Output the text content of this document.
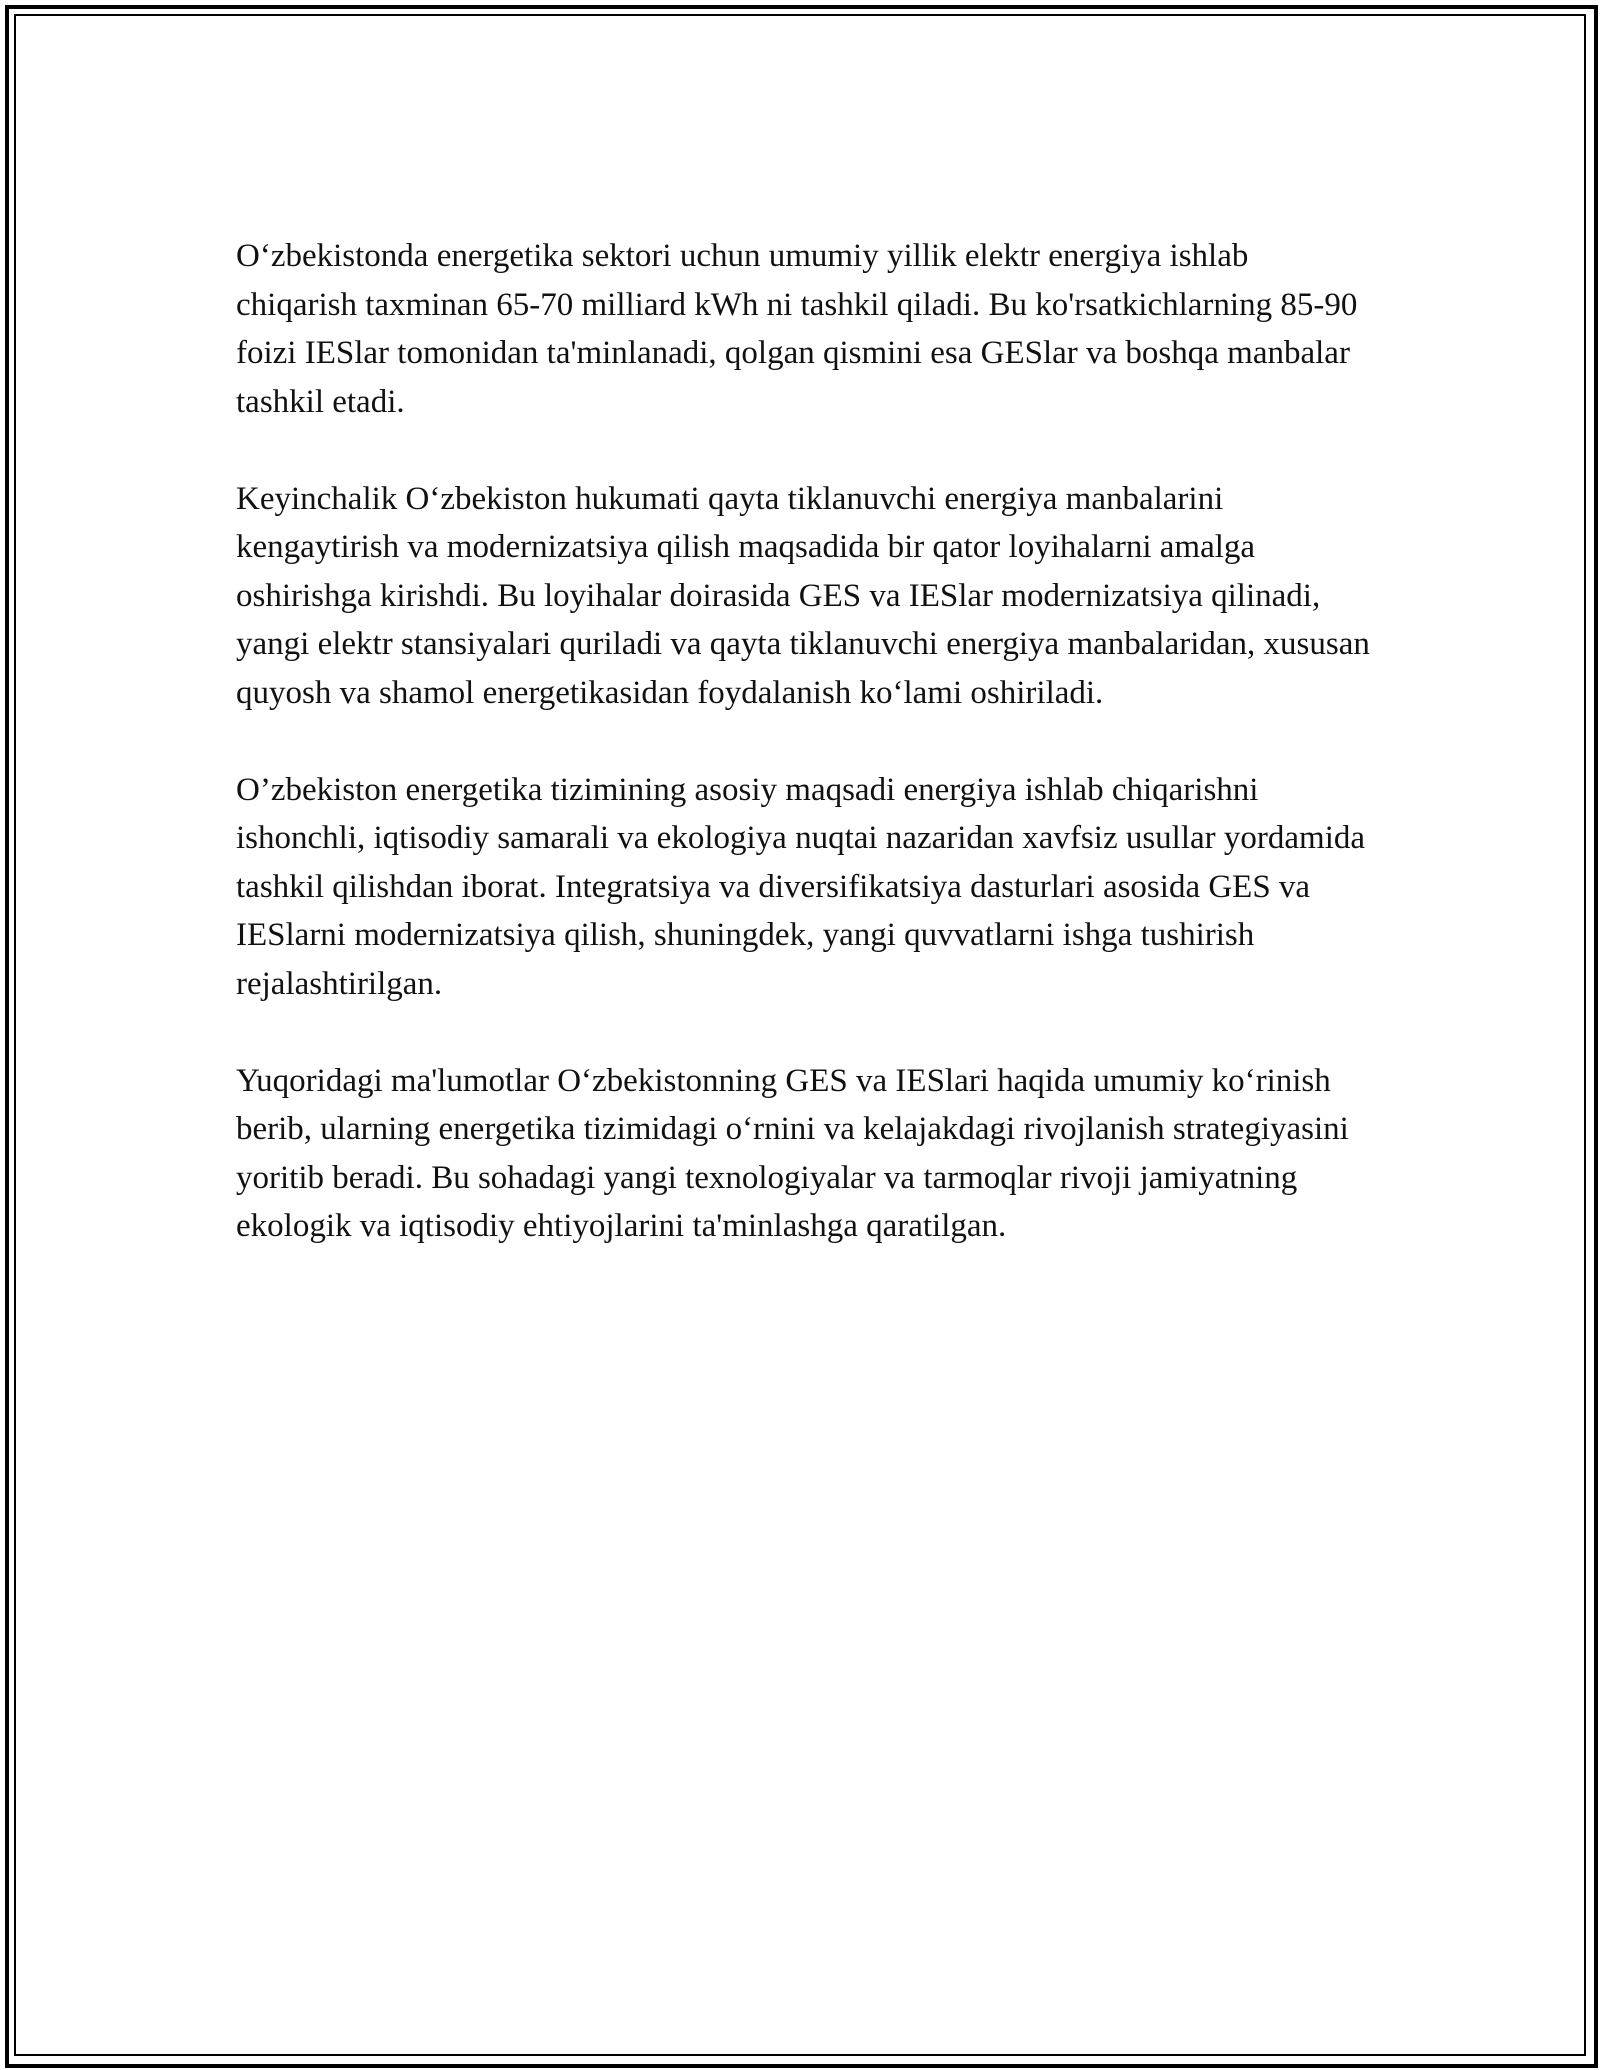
O‘zbekistonda energetika sektori uchun umumiy yillik elektr energiya ishlab chiqarish taxminan 65-70 milliard kWh ni tashkil qiladi. Bu ko'rsatkichlarning 85-90 foizi IESlar tomonidan ta'minlanadi, qolgan qismini esa GESlar va boshqa manbalar tashkil etadi.

Keyinchalik O‘zbekiston hukumati qayta tiklanuvchi energiya manbalarini kengaytirish va modernizatsiya qilish maqsadida bir qator loyihalarni amalga oshirishga kirishdi. Bu loyihalar doirasida GES va IESlar modernizatsiya qilinadi, yangi elektr stansiyalari quriladi va qayta tiklanuvchi energiya manbalaridan, xususan quyosh va shamol energetikasidan foydalanish ko‘lami oshiriladi.

O’zbekiston energetika tizimining asosiy maqsadi energiya ishlab chiqarishni ishonchli, iqtisodiy samarali va ekologiya nuqtai nazaridan xavfsiz usullar yordamida tashkil qilishdan iborat. Integratsiya va diversifikatsiya dasturlari asosida GES va IESlarni modernizatsiya qilish, shuningdek, yangi quvvatlarni ishga tushirish rejalashtirilgan.

Yuqoridagi ma'lumotlar O‘zbekistonning GES va IESlari haqida umumiy ko‘rinish berib, ularning energetika tizimidagi o‘rnini va kelajakdagi rivojlanish strategiyasini yoritib beradi. Bu sohadagi yangi texnologiyalar va tarmoqlar rivoji jamiyatning ekologik va iqtisodiy ehtiyojlarini ta'minlashga qaratilgan.
